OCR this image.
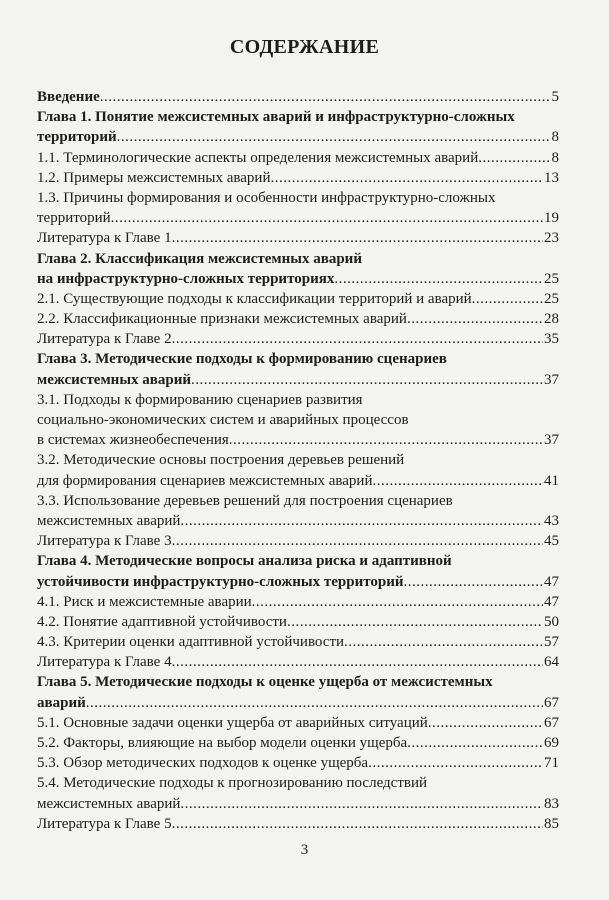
СОДЕРЖАНИЕ
Введение .....	5
Глава 1. Понятие межсистемных аварий и инфраструктурно-сложных
территорий .....	8
1.1. Терминологические аспекты определения межсистемных аварий .....	8
1.2. Примеры межсистемных аварий .....	13
1.3. Причины формирования и особенности инфраструктурно-сложных
территорий .....	19
Литература к Главе 1 .....	23
Глава 2. Классификация межсистемных аварий
на инфраструктурно-сложных территориях .....	25
2.1. Существующие подходы к классификации территорий и аварий .....	25
2.2. Классификационные признаки межсистемных аварий .....	28
Литература к Главе 2 .....	35
Глава 3. Методические подходы к формированию сценариев
межсистемных аварий .....	37
3.1. Подходы к формированию сценариев развития
социально-экономических систем и аварийных процессов
в системах жизнеобеспечения .....	37
3.2. Методические основы построения деревьев решений
для формирования сценариев межсистемных аварий .....	41
3.3. Использование деревьев решений для построения сценариев
межсистемных аварий .....	43
Литература к Главе 3 .....	45
Глава 4. Методические вопросы анализа риска и адаптивной
устойчивости инфраструктурно-сложных территорий .....	47
4.1. Риск и межсистемные аварии .....	47
4.2. Понятие адаптивной устойчивости .....	50
4.3. Критерии оценки адаптивной устойчивости .....	57
Литература к Главе 4 .....	64
Глава 5. Методические подходы к оценке ущерба от межсистемных
аварий .....	67
5.1. Основные задачи оценки ущерба от аварийных ситуаций .....	67
5.2. Факторы, влияющие на выбор модели оценки ущерба .....	69
5.3. Обзор методических подходов к оценке ущерба .....	71
5.4. Методические подходы к прогнозированию последствий
межсистемных аварий .....	83
Литература к Главе 5 .....	85
3
